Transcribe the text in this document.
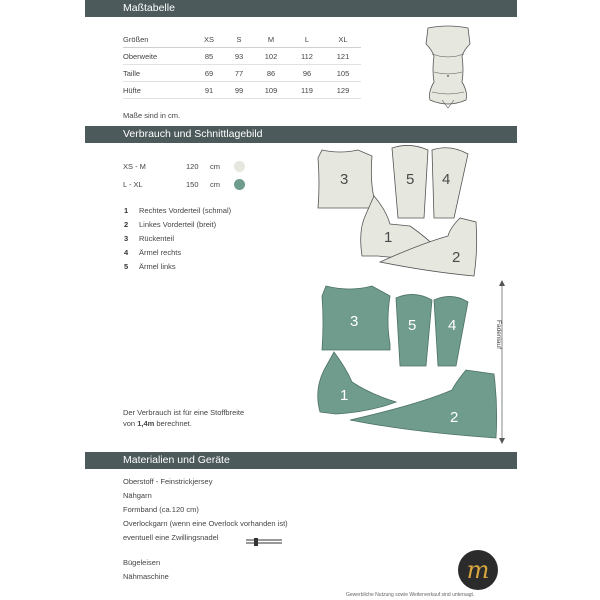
Maßtabelle
Verbrauch und Schnittlagebild
Materialien und Geräte
Größen	XS	S	M	L	XL
Oberweite	85	93	102	112	121
Taille	69	77	86	96	105
Hüfte	91	99	109	119	129
Maße sind in cm.
XS - M	120 cm
L - XL	150 cm
1 Rechtes Vorderteil (schmal)
2 Linkes Vorderteil (breit)
3 Rückenteil
4 Ärmel rechts
5 Ärmel links
Der Verbrauch ist für eine Stoffbreite
von 1,4m berechnet.
3	5 4
1
2
3	5 4
1
2
Fadenlauf
Oberstoff - Feinstrickjersey
Nähgarn
Formband (ca.120 cm)
Overlockgarn (wenn eine Overlock vorhanden ist)
eventuell eine Zwillingsnadel
Bügeleisen
Nähmaschine	m
Gewerbliche Nutzung sowie Weiterverkauf sind untersagt.
